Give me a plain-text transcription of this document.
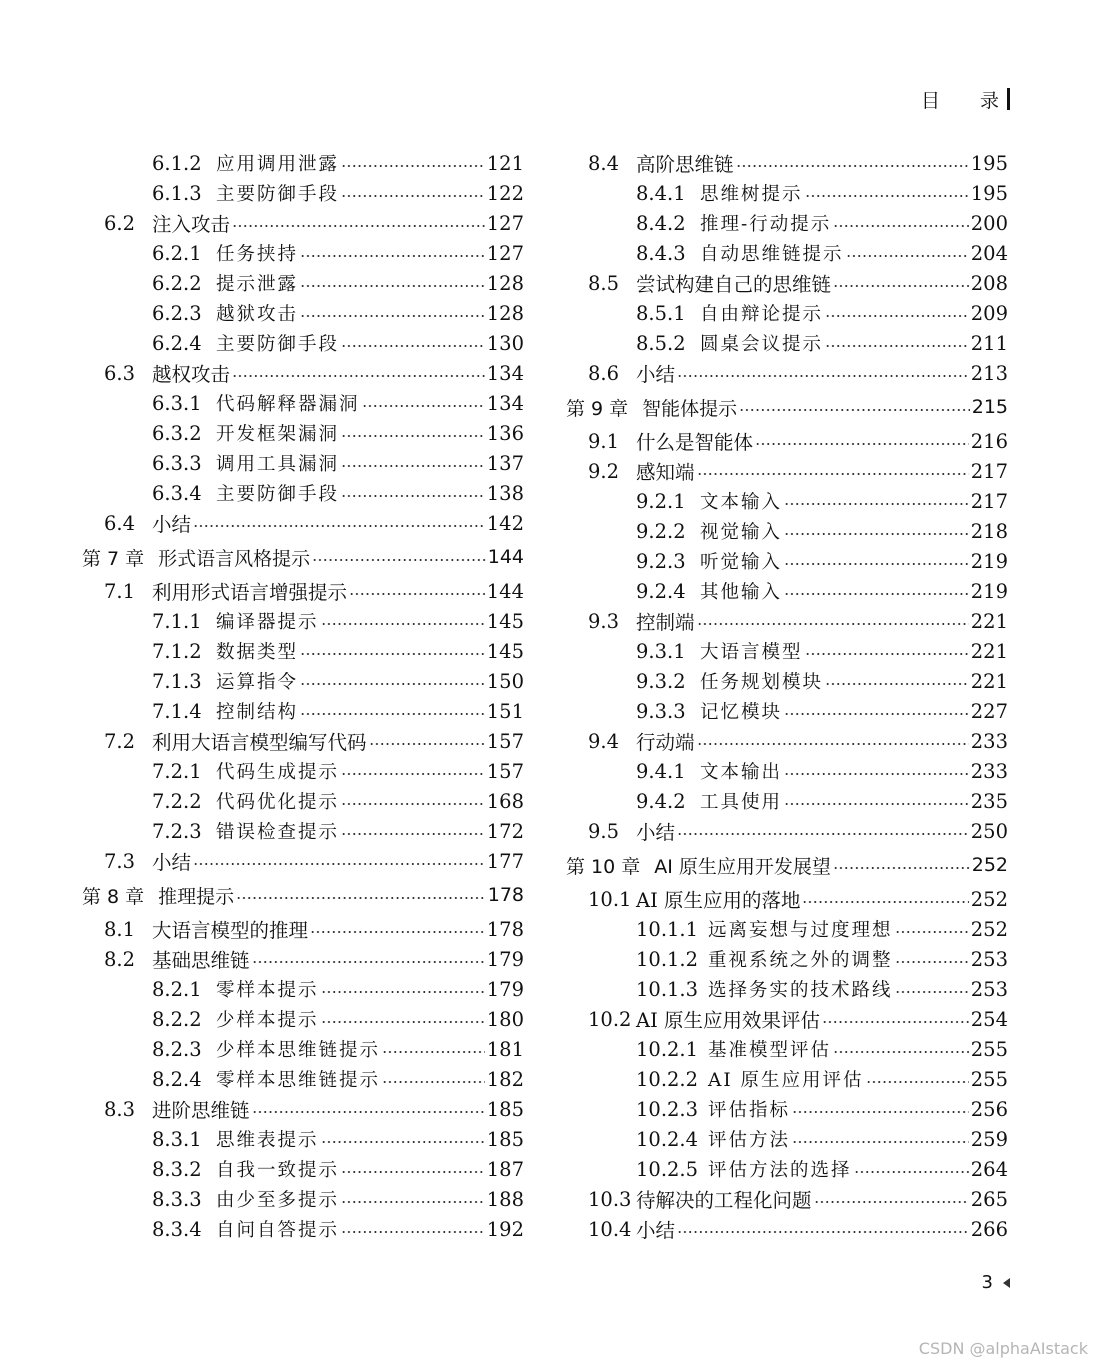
目 录
6.1.2 应用调用泄露	121
6.1.3 主要防御手段	122
6.2 注入攻击	127
6.2.1 任务挟持	127
6.2.2 提示泄露	128
6.2.3 越狱攻击	128
6.2.4 主要防御手段	130
6.3 越权攻击	134
6.3.1 代码解释器漏洞	134
6.3.2 开发框架漏洞	136
6.3.3 调用工具漏洞	137
6.3.4 主要防御手段	138
6.4 小结	142
第 7 章 形式语言风格提示	144
7.1 利用形式语言增强提示	144
7.1.1 编译器提示	145
7.1.2 数据类型	145
7.1.3 运算指令	150
7.1.4 控制结构	151
7.2 利用大语言模型编写代码	157
7.2.1 代码生成提示	157
7.2.2 代码优化提示	168
7.2.3 错误检查提示	172
7.3 小结	177
第 8 章 推理提示	178
8.1 大语言模型的推理	178
8.2 基础思维链	179
8.2.1 零样本提示	179
8.2.2 少样本提示	180
8.2.3 少样本思维链提示	181
8.2.4 零样本思维链提示	182
8.3 进阶思维链	185
8.3.1 思维表提示	185
8.3.2 自我一致提示	187
8.3.3 由少至多提示	188
8.3.4 自问自答提示	192
8.4 高阶思维链	195
8.4.1 思维树提示	195
8.4.2 推理-行动提示	200
8.4.3 自动思维链提示	204
8.5 尝试构建自己的思维链	208
8.5.1 自由辩论提示	209
8.5.2 圆桌会议提示	211
8.6 小结	213
第 9 章 智能体提示	215
9.1 什么是智能体	216
9.2 感知端	217
9.2.1 文本输入	217
9.2.2 视觉输入	218
9.2.3 听觉输入	219
9.2.4 其他输入	219
9.3 控制端	221
9.3.1 大语言模型	221
9.3.2 任务规划模块	221
9.3.3 记忆模块	227
9.4 行动端	233
9.4.1 文本输出	233
9.4.2 工具使用	235
9.5 小结	250
第 10 章 AI 原生应用开发展望	252
10.1 AI 原生应用的落地	252
10.1.1 远离妄想与过度理想	252
10.1.2 重视系统之外的调整	253
10.1.3 选择务实的技术路线	253
10.2 AI 原生应用效果评估	254
10.2.1 基准模型评估	255
10.2.2 AI 原生应用评估	255
10.2.3 评估指标	256
10.2.4 评估方法	259
10.2.5 评估方法的选择	264
10.3 待解决的工程化问题	265
10.4 小结	266
3
CSDN @alphaAIstack
